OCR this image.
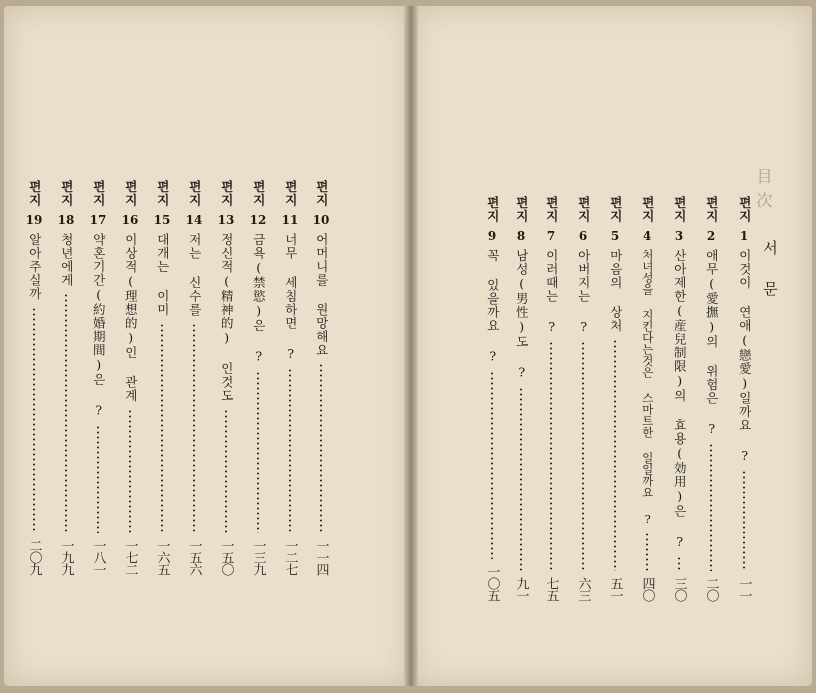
目次
서문
편지
1
이것이 연애(戀愛)일까요 ?
一一
편지
2
애무(愛撫)의 위험은 ?
二〇
편지
3
산아제한(産兒制限)의 효용(効用)은 ?
三〇
편지
4
처녀성을 지킨다는것은 스마트한 일일까요 ?
四〇
편지
5
마음의 상처
五一
편지
6
아버지는 ?
六三
편지
7
이러때는 ?
七五
편지
8
남성(男性)도 ?
九一
편지
9
꼭 있을까요 ?
一〇五
편지
10
어머니를 원망해요
一一四
편지
11
너무 세침하면 ?
一二七
편지
12
금욕(禁慾)은 ?
一三九
편지
13
정신적(精神的) 인것도
一五〇
편지
14
저는 신수를
一五六
편지
15
대개는 이미
一六五
편지
16
이상적(理想的)인 관계
一七二
편지
17
약혼기간(約婚期間)은 ?
一八一
편지
18
청년에게
一九九
편지
19
알아주실까
二〇九
